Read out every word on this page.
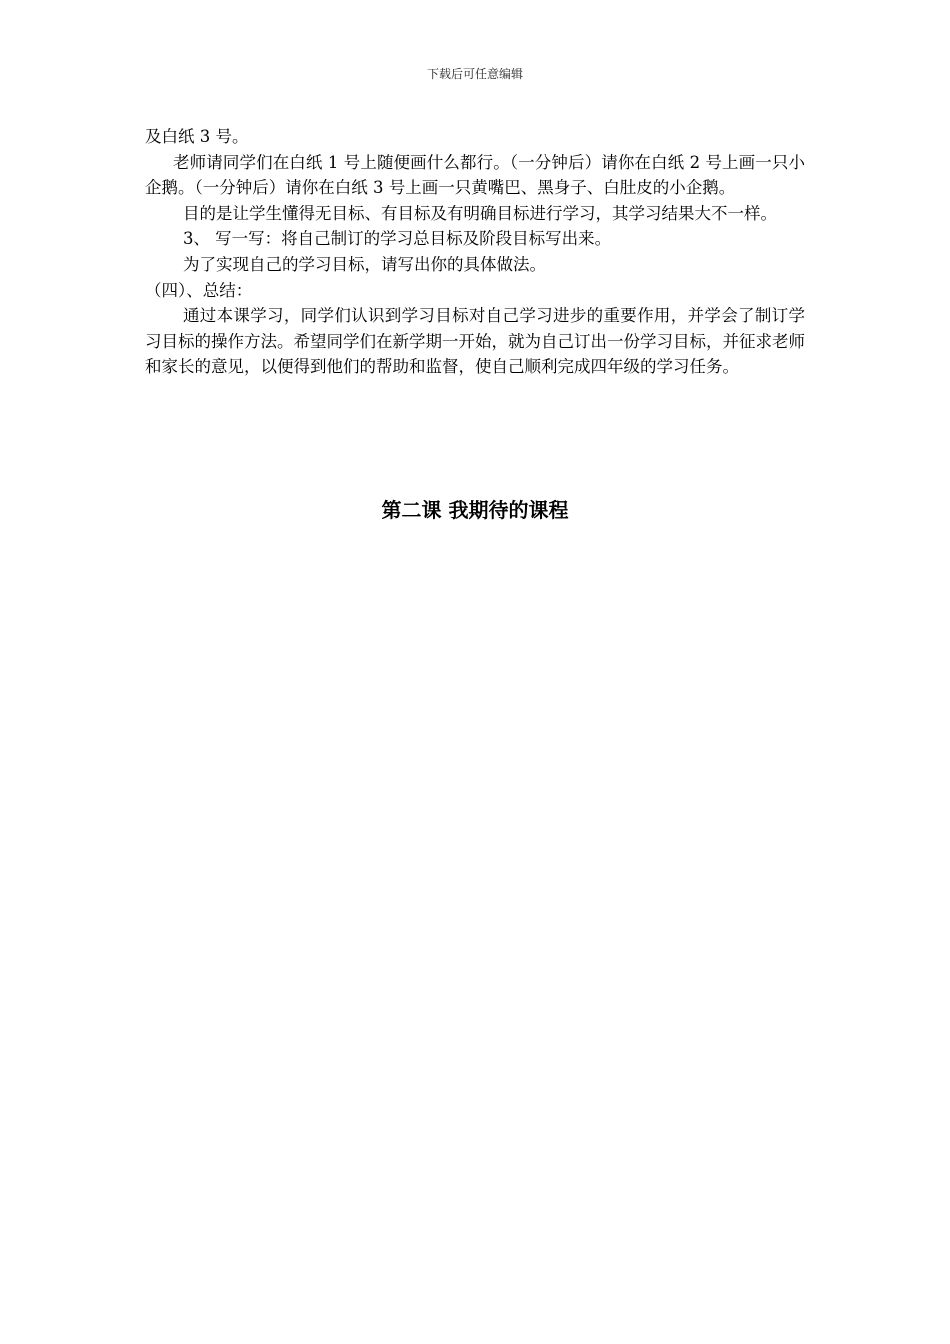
下载后可任意编辑

及白纸 3 号。

老师请同学们在白纸 1 号上随便画什么都行。（一分钟后）请你在白纸 2 号上画一只小企鹅。（一分钟后）请你在白纸 3 号上画一只黄嘴巴、黑身子、白肚皮的小企鹅。

目的是让学生懂得无目标、有目标及有明确目标进行学习，其学习结果大不一样。

3、 写一写：将自己制订的学习总目标及阶段目标写出来。

为了实现自己的学习目标，请写出你的具体做法。

（四）、总结：

通过本课学习，同学们认识到学习目标对自己学习进步的重要作用，并学会了制订学习目标的操作方法。希望同学们在新学期一开始，就为自己订出一份学习目标，并征求老师和家长的意见，以便得到他们的帮助和监督，使自己顺利完成四年级的学习任务。

第二课 我期待的课程
